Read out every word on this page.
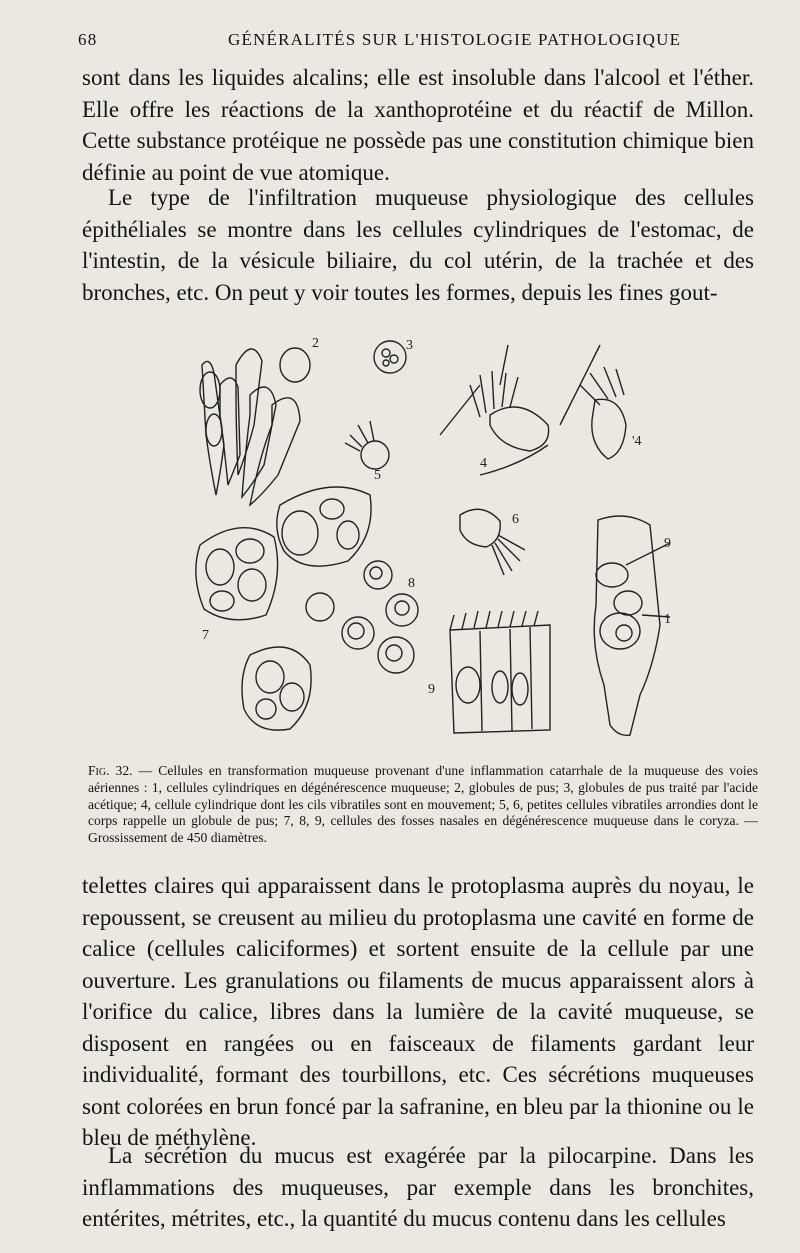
68	GÉNÉRALITÉS SUR L'HISTOLOGIE PATHOLOGIQUE

sont dans les liquides alcalins; elle est insoluble dans l'alcool et l'éther. Elle offre les réactions de la xanthoprotéine et du réactif de Millon. Cette substance protéique ne possède pas une constitution chimique bien définie au point de vue atomique.

Le type de l'infiltration muqueuse physiologique des cellules épithéliales se montre dans les cellules cylindriques de l'estomac, de l'intestin, de la vésicule biliaire, du col utérin, de la trachée et des bronches, etc. On peut y voir toutes les formes, depuis les fines gout-

2	3
4
'4
5
6
7
8
9
9
1

Fig. 32. — Cellules en transformation muqueuse provenant d'une inflammation catarrhale de la muqueuse des voies aériennes : 1, cellules cylindriques en dégénérescence muqueuse; 2, globules de pus; 3, globules de pus traité par l'acide acétique; 4, cellule cylindrique dont les cils vibratiles sont en mouvement; 5, 6, petites cellules vibratiles arrondies dont le corps rappelle un globule de pus; 7, 8, 9, cellules des fosses nasales en dégénérescence muqueuse dans le coryza. — Grossissement de 450 diamètres.

telettes claires qui apparaissent dans le protoplasma auprès du noyau, le repoussent, se creusent au milieu du protoplasma une cavité en forme de calice (cellules caliciformes) et sortent ensuite de la cellule par une ouverture. Les granulations ou filaments de mucus apparaissent alors à l'orifice du calice, libres dans la lumière de la cavité muqueuse, se disposent en rangées ou en faisceaux de filaments gardant leur individualité, formant des tourbillons, etc. Ces sécrétions muqueuses sont colorées en brun foncé par la safranine, en bleu par la thionine ou le bleu de méthylène.

La sécrétion du mucus est exagérée par la pilocarpine. Dans les inflammations des muqueuses, par exemple dans les bronchites, entérites, métrites, etc., la quantité du mucus contenu dans les cellules
